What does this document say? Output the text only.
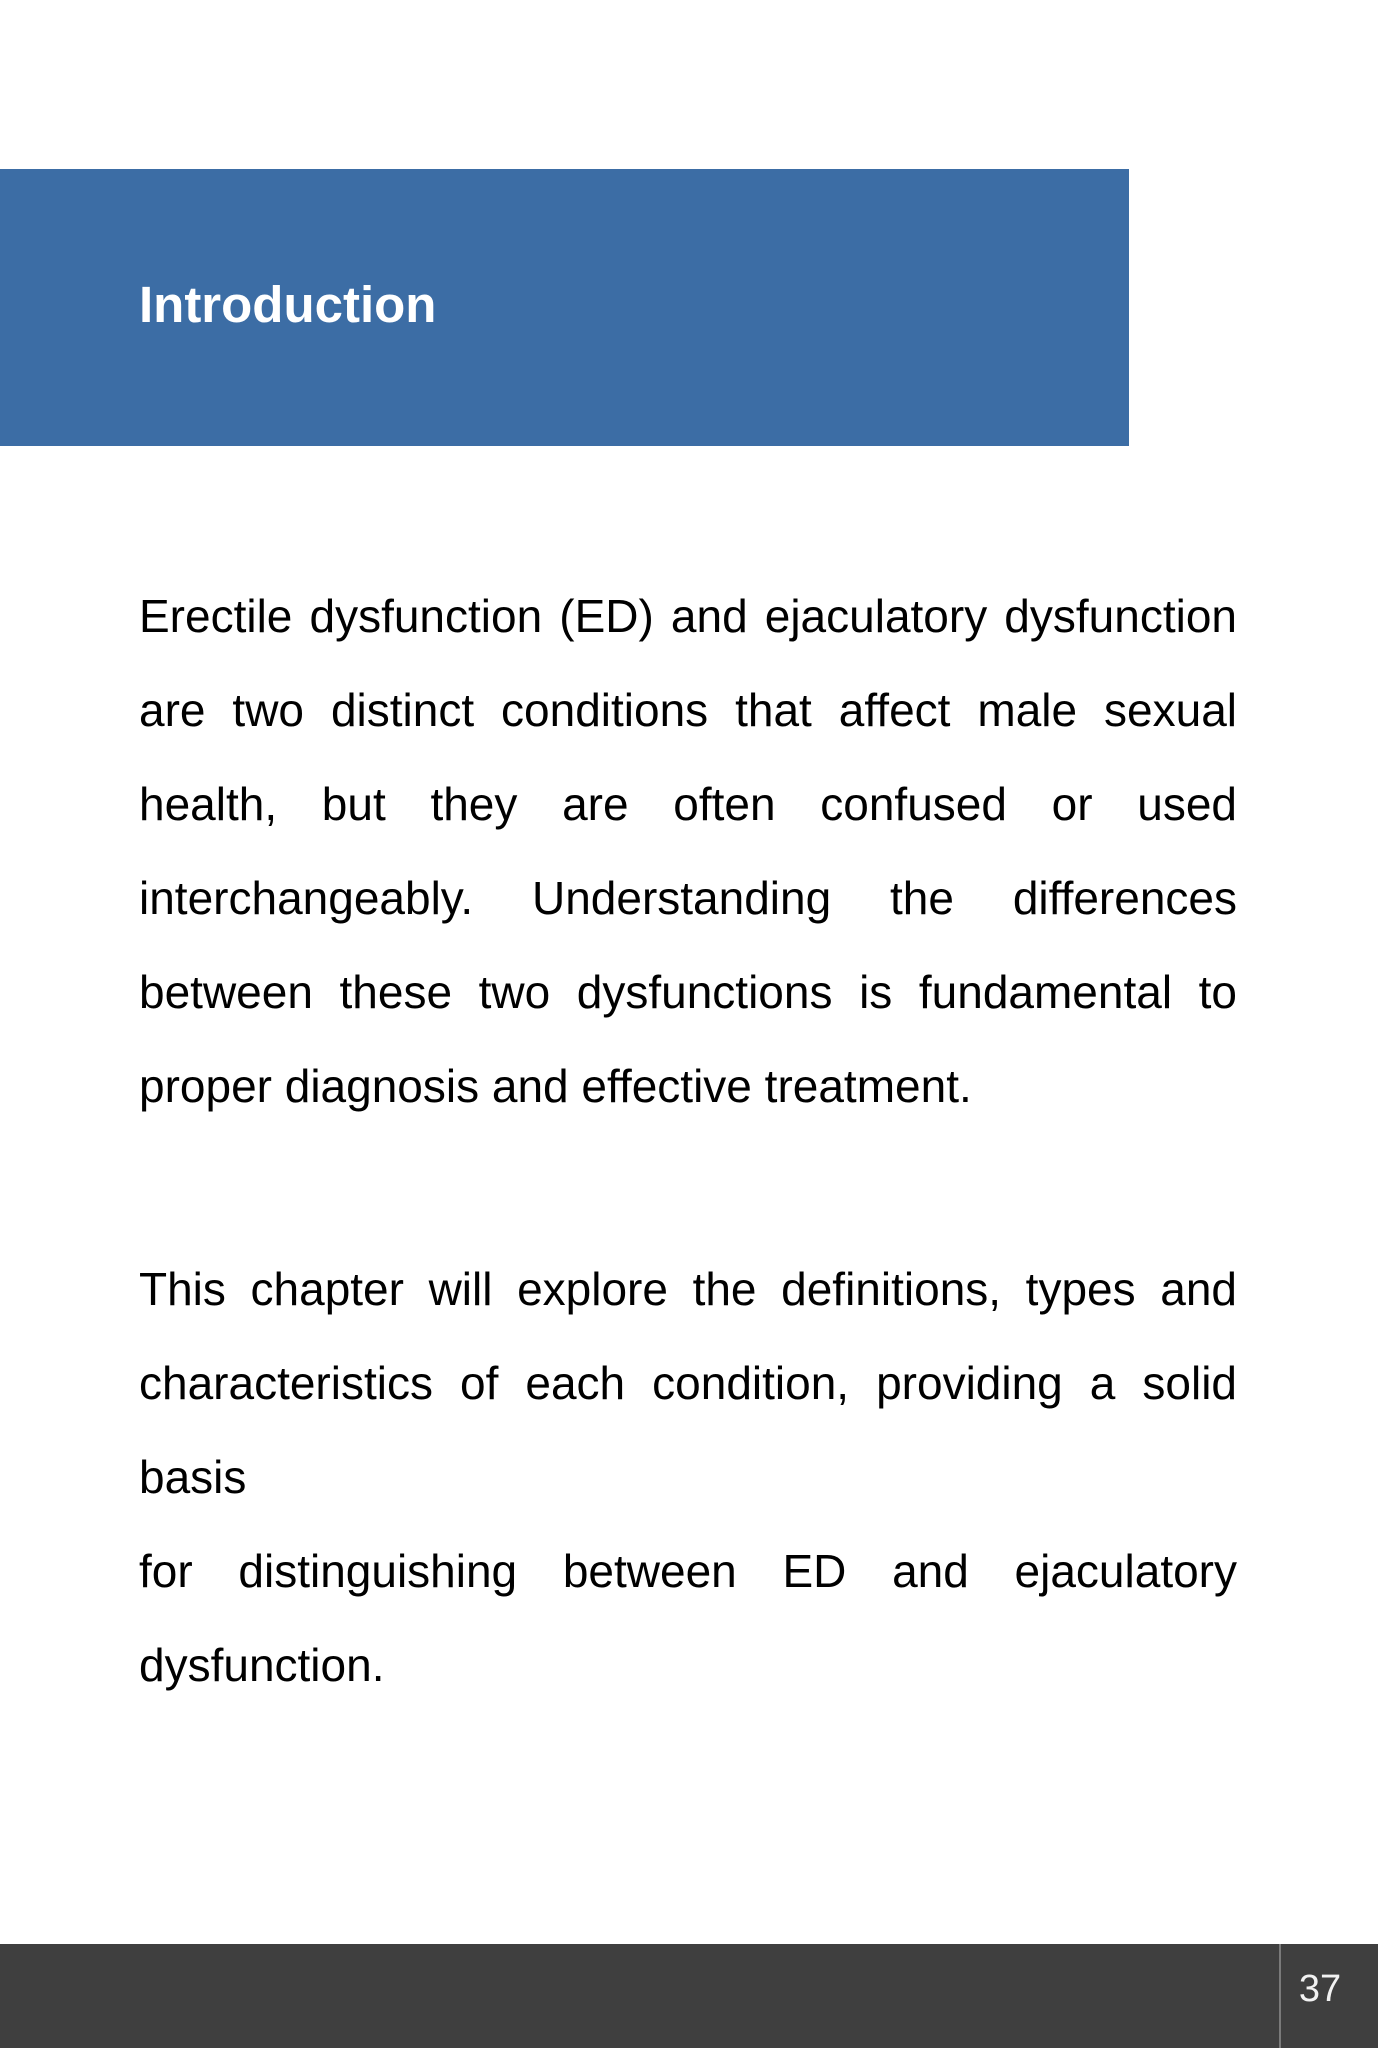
Introduction
Erectile dysfunction (ED) and ejaculatory dysfunction
are two distinct conditions that affect male sexual
health, but they are often confused or used
interchangeably. Understanding the differences
between these two dysfunctions is fundamental to
proper diagnosis and effective treatment.
This chapter will explore the definitions, types and
characteristics of each condition, providing a solid basis
for distinguishing between ED and ejaculatory
dysfunction.
37
